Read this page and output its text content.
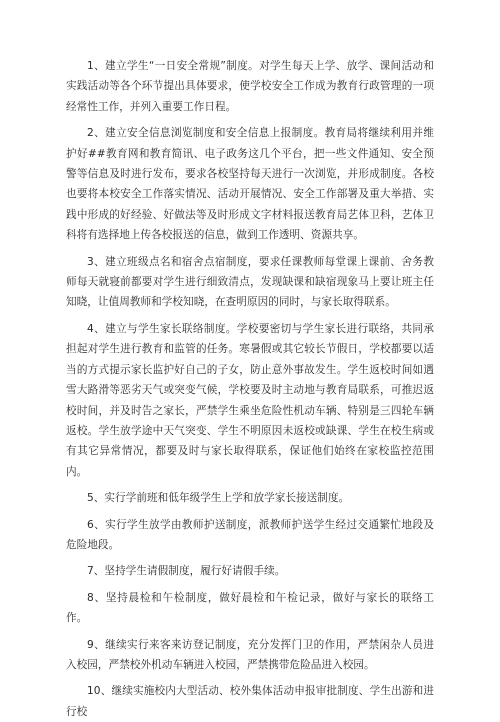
1、建立学生“一日安全常规”制度。对学生每天上学、放学、课间活动和实践活动等各个环节提出具体要求，使学校安全工作成为教育行政管理的一项经常性工作，并列入重要工作日程。

2、建立安全信息浏览制度和安全信息上报制度。教育局将继续利用并维护好##教育网和教育简讯、电子政务这几个平台，把一些文件通知、安全预警等信息及时进行发布，要求各校坚持每天进行一次浏览，并形成制度。各校也要将本校安全工作落实情况、活动开展情况、安全工作部署及重大举措、实践中形成的好经验、好做法等及时形成文字材料报送教育局艺体卫科，艺体卫科将有选择地上传各校报送的信息，做到工作透明、资源共享。

3、建立班级点名和宿舍点宿制度，要求任课教师每堂课上课前、舍务教师每天就寝前都要对学生进行细致清点，发现缺课和缺宿现象马上要让班主任知晓，让值周教师和学校知晓，在查明原因的同时，与家长取得联系。

4、建立与学生家长联络制度。学校要密切与学生家长进行联络，共同承担起对学生进行教育和监管的任务。寒暑假或其它较长节假日，学校都要以适当的方式提示家长监护好自己的子女，防止意外事故发生。学生返校时间如遇雪大路滑等恶劣天气或突变气候，学校要及时主动地与教育局联系，可推迟返校时间，并及时告之家长，严禁学生乘坐危险性机动车辆、特别是三四轮车辆返校。学生放学途中天气突变、学生不明原因未返校或缺课、学生在校生病或有其它异常情况，都要及时与家长取得联系，保证他们始终在家校监控范围内。

5、实行学前班和低年级学生上学和放学家长接送制度。

6、实行学生放学由教师护送制度，派教师护送学生经过交通繁忙地段及危险地段。

7、坚持学生请假制度，履行好请假手续。

8、坚持晨检和午检制度，做好晨检和午检记录，做好与家长的联络工作。

9、继续实行来客来访登记制度，充分发挥门卫的作用，严禁闲杂人员进入校园，严禁校外机动车辆进入校园，严禁携带危险品进入校园。

10、继续实施校内大型活动、校外集体活动申报审批制度、学生出游和进行校
